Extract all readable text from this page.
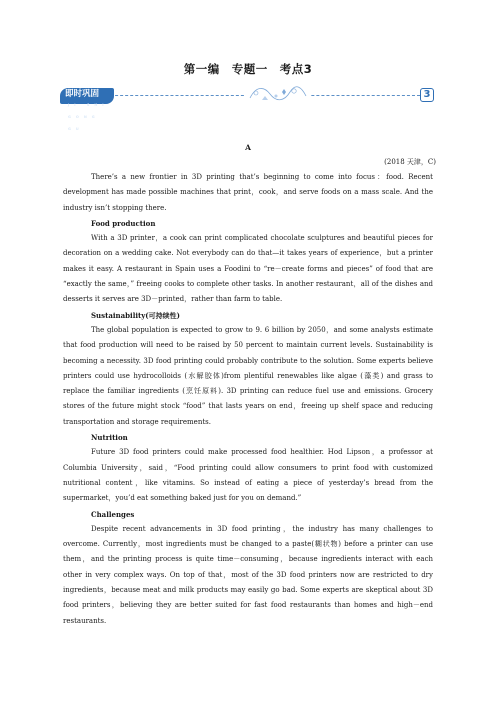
第一编　专题一　考点3
即时巩固
JI SHI GONG GU
3
A
(2018 天津，C)

There’s a new frontier in 3D printing that’s beginning to come into focus：food. Recent development has made possible machines that print，cook，and serve foods on a mass scale. And the industry isn’t stopping there.

Food production

With a 3D printer，a cook can print complicated chocolate sculptures and beautiful pieces for decoration on a wedding cake. Not everybody can do that—it takes years of experience，but a printer makes it easy. A restaurant in Spain uses a Foodini to “re－create forms and pieces” of food that are “exactly the same，” freeing cooks to complete other tasks. In another restaurant，all of the dishes and desserts it serves are 3D－printed，rather than farm to table.

Sustainability(可持续性)

The global population is expected to grow to 9. 6 billion by 2050，and some analysts estimate that food production will need to be raised by 50 percent to maintain current levels. Sustainability is becoming a necessity. 3D food printing could probably contribute to the solution. Some experts believe printers could use hydrocolloids (水解胶体)from plentiful renewables like algae (藻类) and grass to replace the familiar ingredients (烹饪原料). 3D printing can reduce fuel use and emissions. Grocery stores of the future might stock “food” that lasts years on end，freeing up shelf space and reducing transportation and storage requirements.

Nutrition

Future 3D food printers could make processed food healthier. Hod Lipson，a professor at Columbia University，said，“Food printing could allow consumers to print food with customized nutritional content，like vitamins. So instead of eating a piece of yesterday’s bread from the supermarket，you’d eat something baked just for you on demand.”

Challenges

Despite recent advancements in 3D food printing，the industry has many challenges to overcome. Currently，most ingredients must be changed to a paste(糊状物) before a printer can use them，and the printing process is quite time－consuming，because ingredients interact with each other in very complex ways. On top of that，most of the 3D food printers now are restricted to dry ingredients，because meat and milk products may easily go bad. Some experts are skeptical about 3D food printers，believing they are better suited for fast food restaurants than homes and high－end restaurants.
